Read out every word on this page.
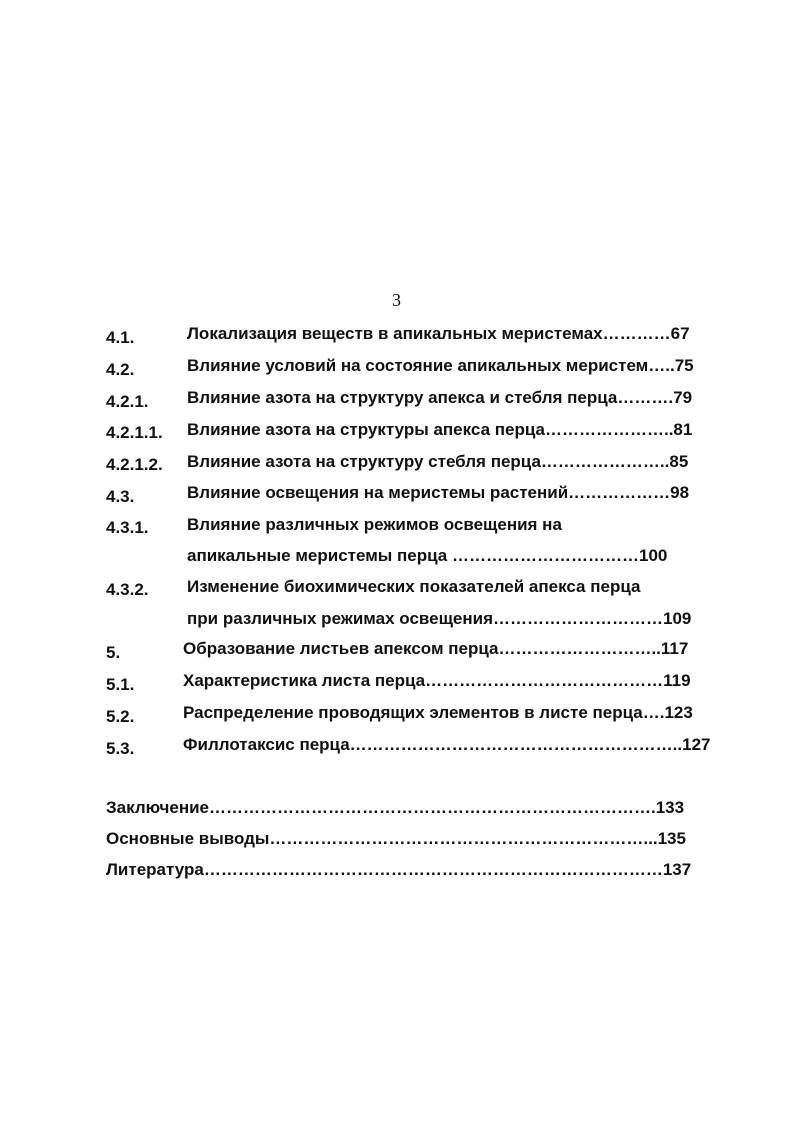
3
4.1.	Локализация веществ в апикальных меристемах…………67
4.2.	Влияние условий на состояние апикальных меристем…..75
4.2.1. Влияние азота на структуру апекса и стебля перца……….79
4.2.1.1. Влияние азота на структуры апекса перца…………………..81
4.2.1.2. Влияние азота на структуру стебля перца…………………..85
4.3.	Влияние освещения на меристемы растений………………98
4.3.1. Влияние различных режимов освещения на
апикальные меристемы перца ……………………………100
4.3.2. Изменение биохимических показателей апекса перца
при различных режимах освещения…………………………109
5.	Образование листьев апексом перца………………………..117
5.1.	Характеристика листа перца……………………………………119
5.2.	Распределение проводящих элементов в листе перца….123
5.3.	Филлотаксис перца…………………………………………………..127
Заключение…………………………………………………………………….133
Основные выводы…………………………………………………………...135
Литература………………………………………………………………………137
